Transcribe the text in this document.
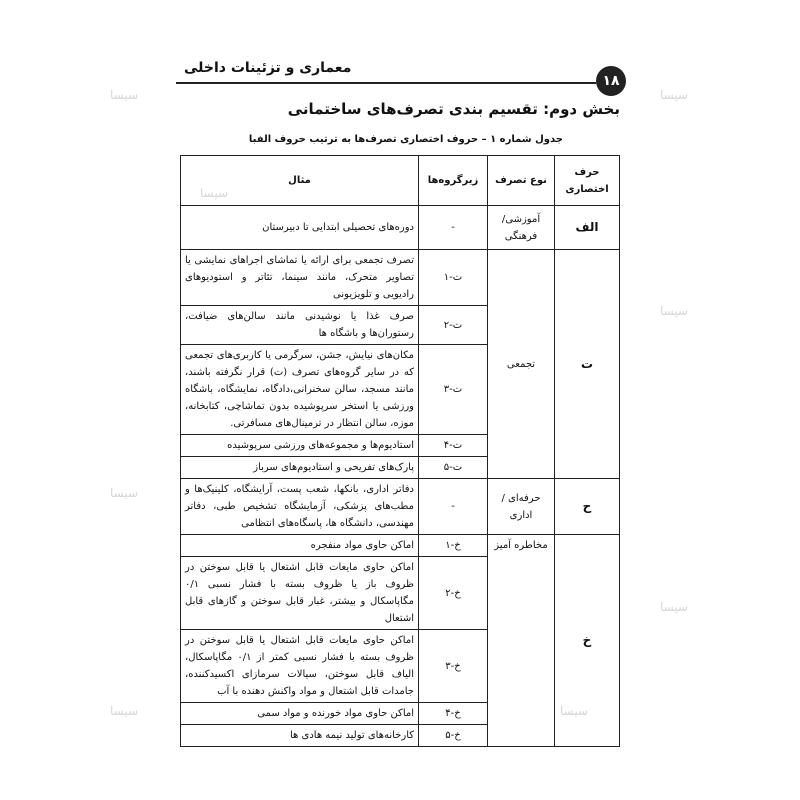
سیسا	سیسا
سیسا
سیسا
سیسا
سیسا
سیسا
سیسا
معماری و تزئینات داخلی
۱۸
بخش دوم: تقسیم بندی تصرف‌های ساختمانی
جدول شماره ۱ – حروف اختصاری تصرف‌ها به ترتیب حروف الفبا
حرف اختصاری	نوع تصرف	زیرگروه‌ها	مثال
الف	آموزشی/ فرهنگی	-	دوره‌های تحصیلی ابتدایی تا دبیرستان
ت	تجمعی	ت-۱	تصرف تجمعی برای ارائه یا تماشای اجراهای نمایشی یا تصاویر متحرک، مانند سینما، تئاتر و استودیوهای رادیویی و تلویزیونی
		ت-۲	صرف غذا یا نوشیدنی مانند سالن‌های ضیافت، رستوران‌ها و باشگاه ها
		ت-۳	مکان‌های نیایش، جشن، سرگرمی یا کاربری‌های تجمعی که در سایر گروه‌های تصرف (ت) قرار نگرفته باشند، مانند مسجد، سالن سخنرانی،دادگاه، نمایشگاه، باشگاه ورزشی یا استخر سرپوشیده بدون تماشاچی، کتابخانه، موزه، سالن انتظار در ترمینال‌های مسافرتی.
		ت-۴	استادیوم‌ها و مجموعه‌های ورزشی سرپوشیده
		ت-۵	پارک‌های تفریحی و استادیوم‌های سرباز
ح	حرفه‌ای / اداری	-	دفاتر اداری، بانکها، شعب پست، آرایشگاه، کلینیک‌ها و مطب‌های پزشکی، آزمایشگاه تشخیص طبی، دفاتر مهندسی، دانشگاه ها، پاسگاه‌های انتظامی
خ	مخاطره آمیز	خ-۱	اماکن حاوی مواد منفجره
		خ-۲	اماکن حاوی مایعات قابل اشتعال یا قابل سوختن در ظروف باز یا ظروف بسته با فشار نسبی ۰/۱ مگاپاسکال و بیشتر، غبار قابل سوختن و گازهای قابل اشتعال
		خ-۳	اماکن حاوی مایعات قابل اشتعال یا قابل سوختن در ظروف بسته با فشار نسبی کمتر از ۰/۱ مگاپاسکال، الیاف قابل سوختن، سیالات سرمازای اکسیدکننده، جامدات قابل اشتعال و مواد واکنش دهنده با آب
		خ-۴	اماکن حاوی مواد خورنده و مواد سمی
		خ-۵	کارخانه‌های تولید نیمه هادی ها
